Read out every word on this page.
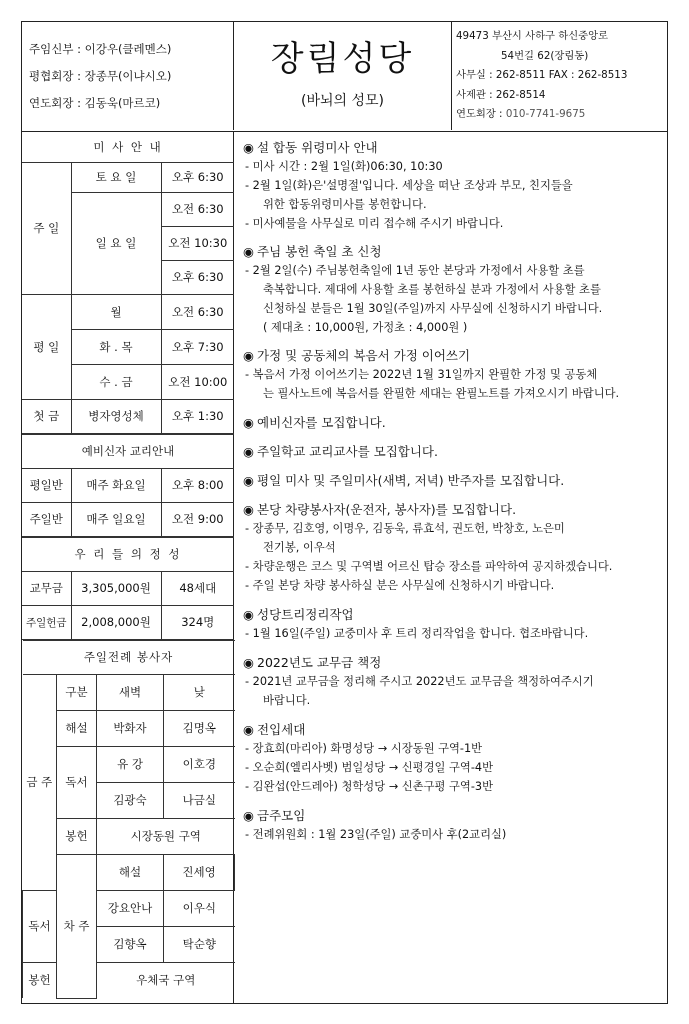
주임신부 : 이강우(클레멘스)
평협회장 : 장종무(이냐시오)
연도회장 : 김동욱(마르코)
장림성당
(바뇌의 성모)
49473 부산시 사하구 하신중앙로
54번길 62(장림동)
사무실 : 262-8511 FAX : 262-8513
사제관 : 262-8514
연도회장 : 010-7741-9675
미 사 안 내		
주 일	토 요 일	오후 6:30
	일 요 일	오전 6:30
		오전 10:30
		오후 6:30
평 일	월	오전 6:30
	화 . 목	오후 7:30
	수 . 금	오전 10:00
첫 금	병자영성체	오후 1:30
예비신자 교리안내		
평일반	매주 화요일	오후 8:00
주일반	매주 일요일	오전 9:00
우 리 들 의 정 성		
교무금	3,305,000원	48세대
주일헌금	2,008,000원	324명
주일전례 봉사자				
금 주	구분	새벽	낮	
	해설	박화자	김명옥	
	독서	유 강	이호경	
		김광숙	나금실	
	봉헌	시장동원 구역		
	차 주	해설	진세영	
독서		강요안나	이우식	
		김향옥	탁순향	
봉헌		우체국 구역		
◉ 설 합동 위령미사 안내
- 미사 시간 : 2월 1일(화)06:30, 10:30
- 2월 1일(화)은'설명절'입니다. 세상을 떠난 조상과 부모, 친지들을
위한 합동위령미사를 봉헌합니다.
- 미사예물을 사무실로 미리 접수해 주시기 바랍니다.
◉ 주님 봉헌 축일 초 신청
- 2월 2일(수) 주님봉헌축일에 1년 동안 본당과 가정에서 사용할 초를
축복합니다. 제대에 사용할 초를 봉헌하실 분과 가정에서 사용할 초를
신청하실 분들은 1월 30일(주일)까지 사무실에 신청하시기 바랍니다.
( 제대초 : 10,000원, 가정초 : 4,000원 )
◉ 가정 및 공동체의 복음서 가정 이어쓰기
- 복음서 가정 이어쓰기는 2022년 1월 31일까지 완필한 가정 및 공동체
는 필사노트에 복음서를 완필한 세대는 완필노트를 가져오시기 바랍니다.
◉ 예비신자를 모집합니다.
◉ 주일학교 교리교사를 모집합니다.
◉ 평일 미사 및 주일미사(새벽, 저녁) 반주자를 모집합니다.
◉ 본당 차량봉사자(운전자, 봉사자)를 모집합니다.
- 장종무, 김호영, 이명우, 김동욱, 류효석, 권도헌, 박창호, 노은미
전기봉, 이우석
- 차량운행은 코스 및 구역별 어르신 탑승 장소를 파악하여 공지하겠습니다.
- 주일 본당 차량 봉사하실 분은 사무실에 신청하시기 바랍니다.
◉ 성당트리정리작업
- 1월 16일(주일) 교중미사 후 트리 정리작업을 합니다. 협조바랍니다.
◉ 2022년도 교무금 책정
- 2021년 교무금을 정리해 주시고 2022년도 교무금을 책정하여주시기
바랍니다.
◉ 전입세대
- 장효희(마리아) 화명성당 → 시장동원 구역-1반
- 오순희(엘리사벳) 범일성당 → 신평경일 구역-4반
- 김완섭(안드레아) 청학성당 → 신촌구평 구역-3반
◉ 금주모임
- 전례위원회 : 1월 23일(주일) 교중미사 후(2교리실)
